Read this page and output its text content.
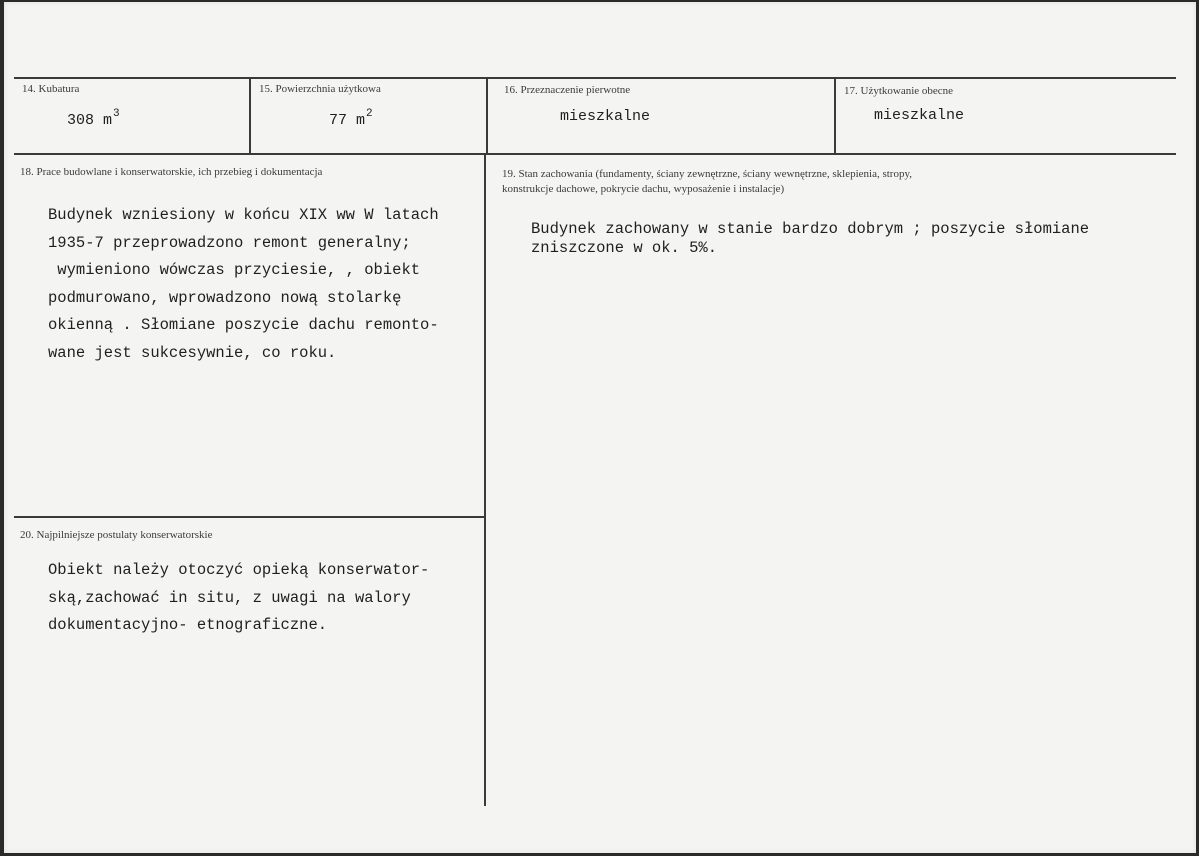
14. Kubatura
308 $m^3$
15. Powierzchnia użytkowa
77 $m^2$
16. Przeznaczenie pierwotne
mieszkalne
17. Użytkowanie obecne
mieszkalne
18. Prace budowlane i konserwatorskie, ich przebieg i dokumentacja
Budynek wzniesiony w końcu XIX ww W latach
1935-7 przeprowadzono remont generalny;
wymieniono wówczas przyciesie, , obiekt
podmurowano, wprowadzono nową stolarkę
okienną . Słomiane poszycie dachu remonto-
wane jest sukcesywnie, co roku.
19. Stan zachowania (fundamenty, ściany zewnętrzne, ściany wewnętrzne, sklepienia, stropy,
konstrukcje dachowe, pokrycie dachu, wyposażenie i instalacje)
Budynek zachowany w stanie bardzo dobrym ; poszycie słomiane
zniszczone w ok. 5%.
20. Najpilniejsze postulaty konserwatorskie
Obiekt należy otoczyć opieką konserwator-
ską,zachować in situ, z uwagi na walory
dokumentacyjno- etnograficzne.
